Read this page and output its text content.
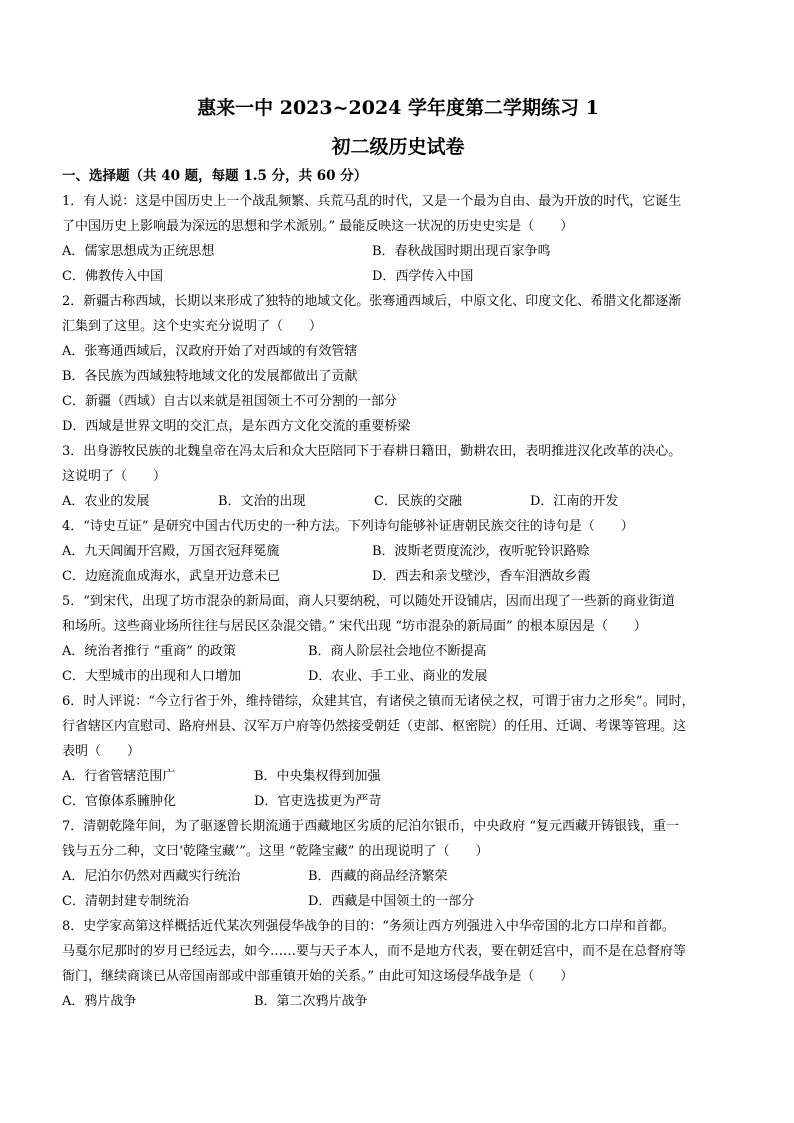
惠来一中 2023~2024 学年度第二学期练习 1
初二级历史试卷
一、选择题（共 40 题，每题 1.5 分，共 60 分）
1．有人说：这是中国历史上一个战乱频繁、兵荒马乱的时代，又是一个最为自由、最为开放的时代，它诞生
了中国历史上影响最为深远的思想和学术派别。” 最能反映这一状况的历史史实是（　　）
A．儒家思想成为正统思想	B．春秋战国时期出现百家争鸣
C．佛教传入中国	D．西学传入中国
2．新疆古称西域，长期以来形成了独特的地域文化。张骞通西域后，中原文化、印度文化、希腊文化都逐渐
汇集到了这里。这个史实充分说明了（　　）
A．张骞通西域后，汉政府开始了对西域的有效管辖
B．各民族为西域独特地域文化的发展都做出了贡献
C．新疆（西域）自古以来就是祖国领土不可分割的一部分
D．西域是世界文明的交汇点，是东西方文化交流的重要桥梁
3．出身游牧民族的北魏皇帝在冯太后和众大臣陪同下于春耕日籍田，勤耕农田，表明推进汉化改革的决心。
这说明了（　　）
A．农业的发展	B．文治的出现	C．民族的交融	D．江南的开发
4．“诗史互证” 是研究中国古代历史的一种方法。下列诗句能够补证唐朝民族交往的诗句是（　　）
A．九天阊阖开宫殿，万国衣冠拜冕旒	B．波斯老贾度流沙，夜听驼铃识路赊
C．边庭流血成海水，武皇开边意未已	D．西去和亲戈壁沙，香车泪洒故乡霞
5．“到宋代，出现了坊市混杂的新局面，商人只要纳税，可以随处开设铺店，因而出现了一些新的商业街道
和场所。这些商业场所往往与居民区杂混交错。” 宋代出现 “坊市混杂的新局面” 的根本原因是（　　）
A．统治者推行 “重商” 的政策	B．商人阶层社会地位不断提高
C．大型城市的出现和人口增加	D．农业、手工业、商业的发展
6．时人评说：“今立行省于外，维持错综，众建其官，有诸侯之镇而无诸侯之权，可谓于宙力之形矣”。同时，
行省辖区内宣慰司、路府州县、汉军万户府等仍然接受朝廷（吏部、枢密院）的任用、迁调、考课等管理。这
表明（　　）
A．行省管辖范围广	B．中央集权得到加强
C．官僚体系臃肿化	D．官吏选拔更为严苛
7．清朝乾隆年间，为了驱逐曾长期流通于西藏地区劣质的尼泊尔银币，中央政府 “复元西藏开铸银钱，重一
钱与五分二种，文曰‘乾隆宝藏’”。这里 “乾隆宝藏” 的出现说明了（　　）
A．尼泊尔仍然对西藏实行统治	B．西藏的商品经济繁荣
C．清朝封建专制统治	D．西藏是中国领土的一部分
8．史学家高第这样概括近代某次列强侵华战争的目的：“务须让西方列强进入中华帝国的北方口岸和首都。
马戛尔尼那时的岁月已经远去，如今……要与天子本人，而不是地方代表，要在朝廷宫中，而不是在总督府等
衙门，继续商谈已从帝国南部或中部重镇开始的关系。” 由此可知这场侵华战争是（　　）
A．鸦片战争	B．第二次鸦片战争
